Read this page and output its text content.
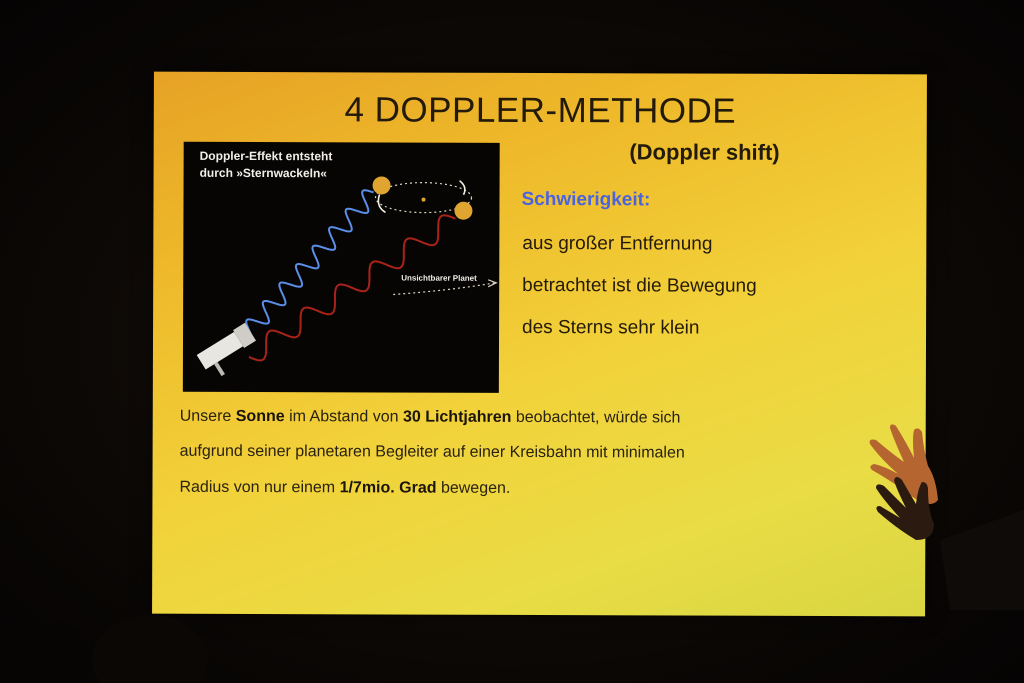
4 DOPPLER-METHODE
(Doppler shift)
Doppler-Effekt entsteht
durch »Sternwackeln«
Unsichtbarer Planet
Schwierigkeit:
aus großer Entfernung
betrachtet ist die Bewegung
des Sterns sehr klein
Unsere Sonne im Abstand von 30 Lichtjahren beobachtet, würde sich
aufgrund seiner planetaren Begleiter auf einer Kreisbahn mit minimalen
Radius von nur einem 1/7mio. Grad bewegen.
